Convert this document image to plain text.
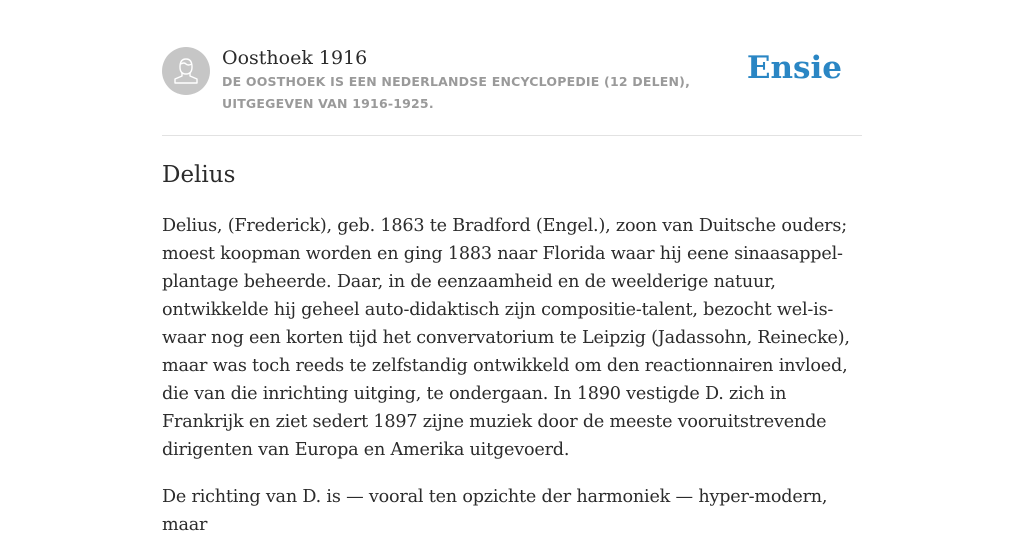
Oosthoek 1916

DE OOSTHOEK IS EEN NEDERLANDSE ENCYCLOPEDIE (12 DELEN), UITGEGEVEN VAN 1916-1925.

Ensie
Delius

Delius, (Frederick), geb. 1863 te Bradford (Engel.), zoon van Duitsche ouders; moest koopman worden en ging 1883 naar Florida waar hij eene sinaasappel-plantage beheerde. Daar, in de eenzaamheid en de weelderige natuur, ontwikkelde hij geheel auto-didaktisch zijn compositie-talent, bezocht wel-is-waar nog een korten tijd het convervatorium te Leipzig (Jadassohn, Reinecke), maar was toch reeds te zelfstandig ontwikkeld om den reactionnairen invloed, die van die inrichting uitging, te ondergaan. In 1890 vestigde D. zich in Frankrijk en ziet sedert 1897 zijne muziek door de meeste vooruitstrevende dirigenten van Europa en Amerika uitgevoerd.

De richting van D. is — vooral ten opzichte der harmoniek — hyper-modern, maar
